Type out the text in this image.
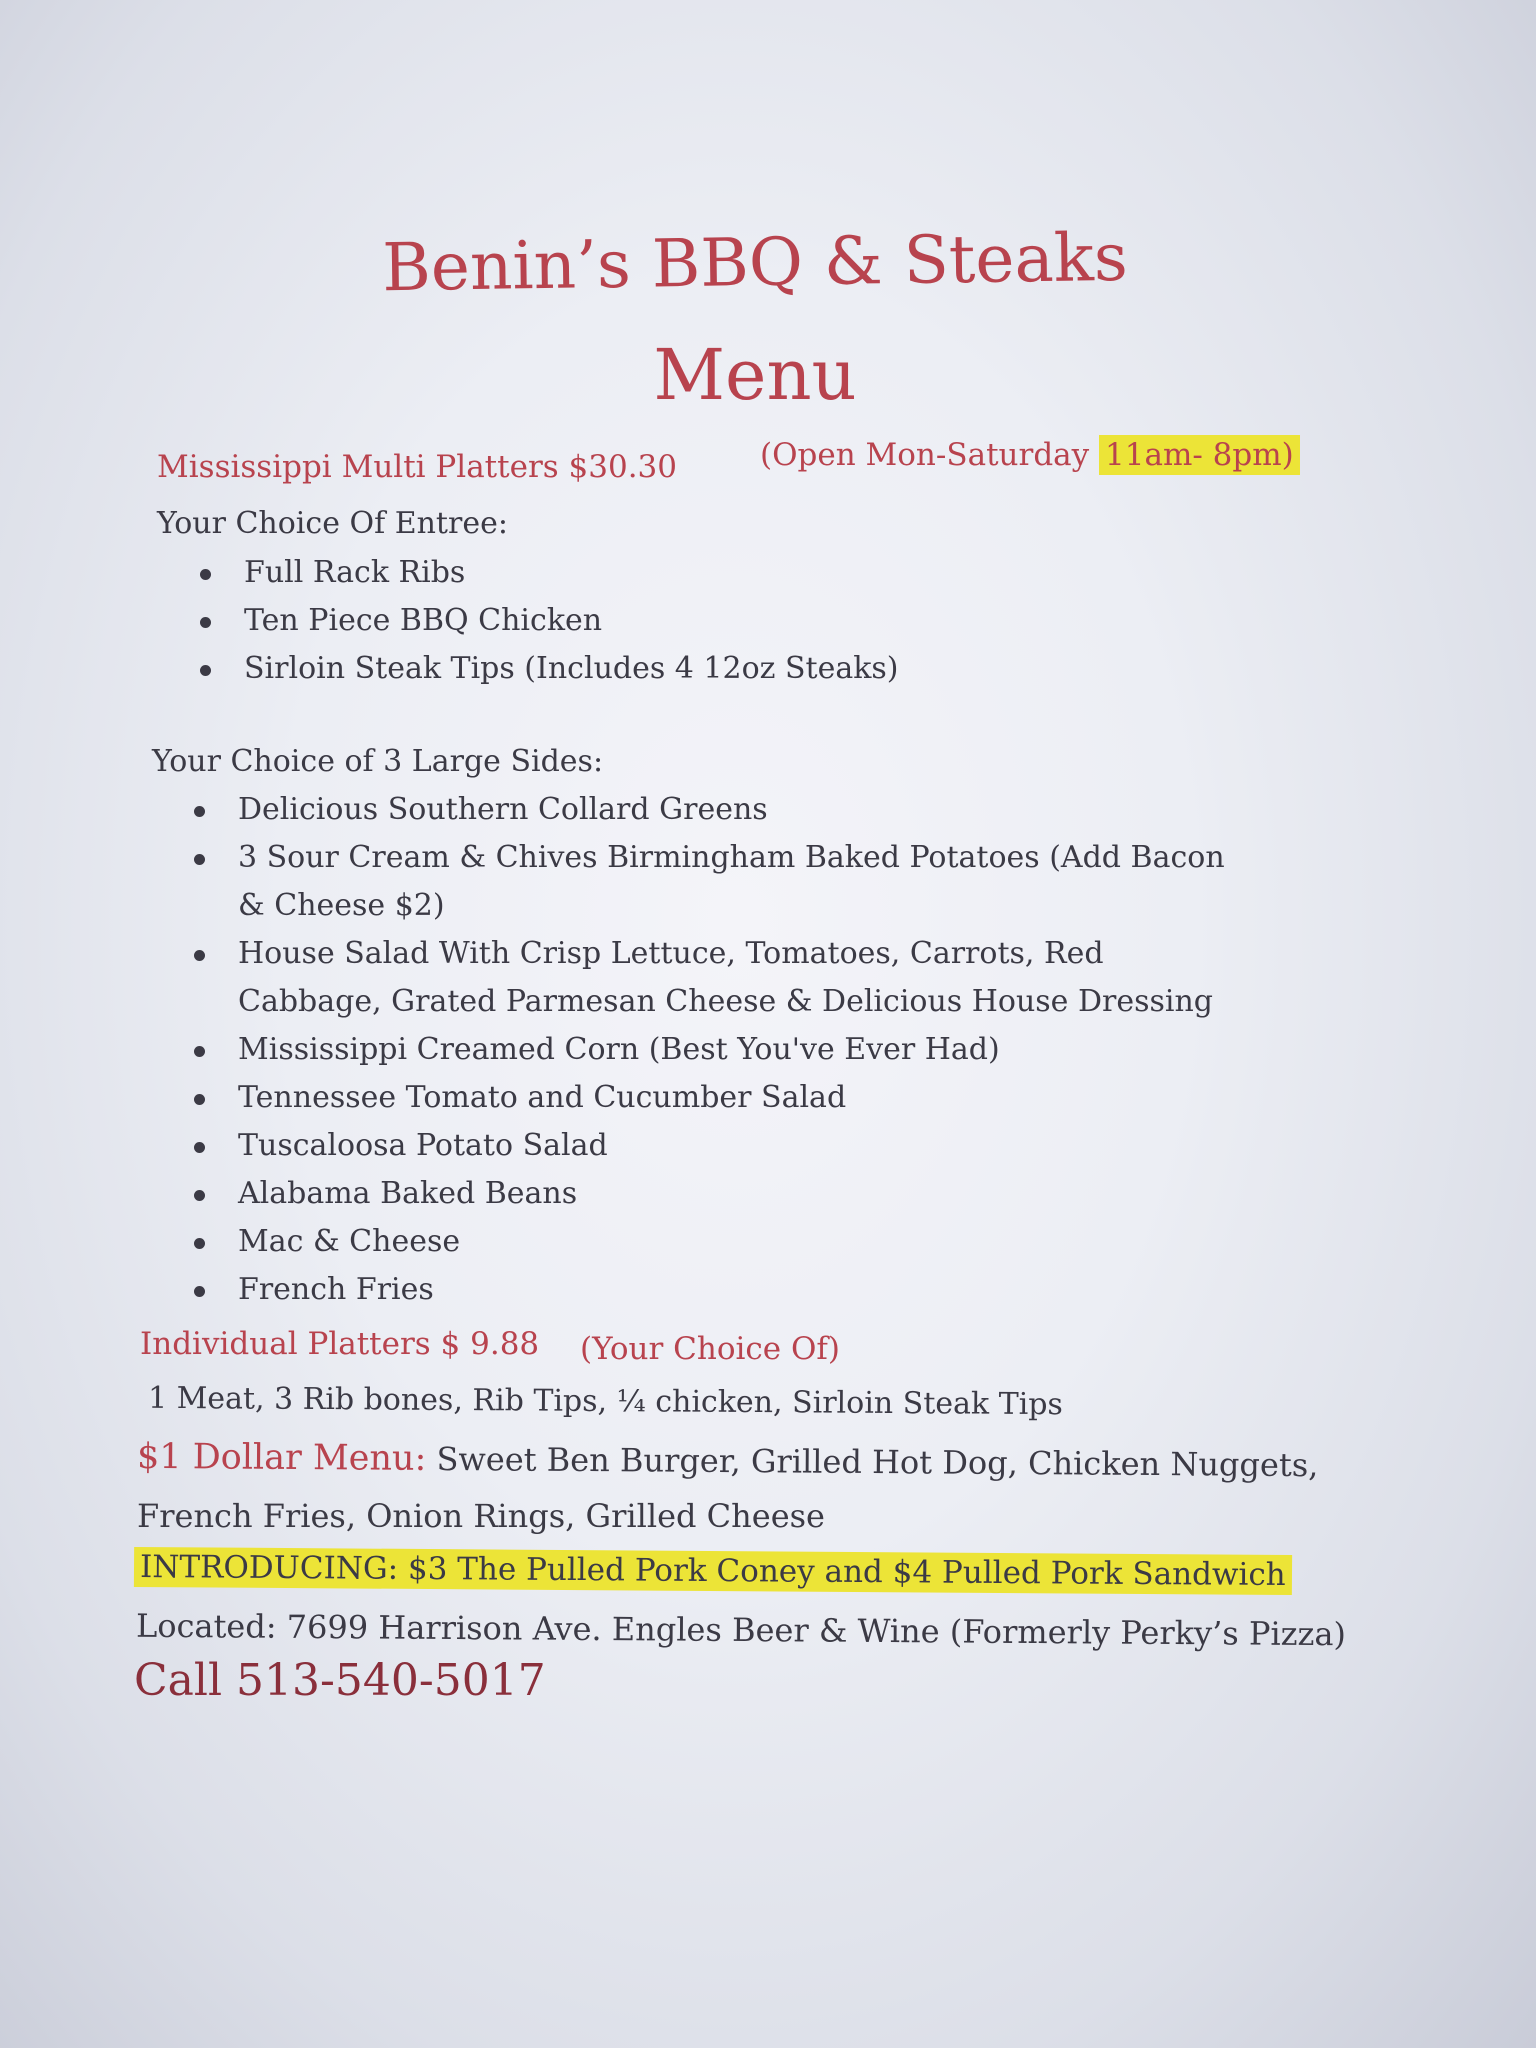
Benin’s BBQ & Steaks
Menu
Mississippi Multi Platters $30.30	(Open Mon-Saturday 11am- 8pm)
Your Choice Of Entree:
Full Rack Ribs
Ten Piece BBQ Chicken
Sirloin Steak Tips (Includes 4 12oz Steaks)
Your Choice of 3 Large Sides:
Delicious Southern Collard Greens
3 Sour Cream & Chives Birmingham Baked Potatoes (Add Bacon & Cheese $2)
House Salad With Crisp Lettuce, Tomatoes, Carrots, Red Cabbage, Grated Parmesan Cheese & Delicious House Dressing
Mississippi Creamed Corn (Best You've Ever Had)
Tennessee Tomato and Cucumber Salad
Tuscaloosa Potato Salad
Alabama Baked Beans
Mac & Cheese
French Fries
Individual Platters $ 9.88 (Your Choice Of)
1 Meat, 3 Rib bones, Rib Tips, ¼ chicken, Sirloin Steak Tips
$1 Dollar Menu: Sweet Ben Burger, Grilled Hot Dog, Chicken Nuggets,
French Fries, Onion Rings, Grilled Cheese
INTRODUCING: $3 The Pulled Pork Coney and $4 Pulled Pork Sandwich
Located: 7699 Harrison Ave. Engles Beer & Wine (Formerly Perky’s Pizza)
Call 513-540-5017
